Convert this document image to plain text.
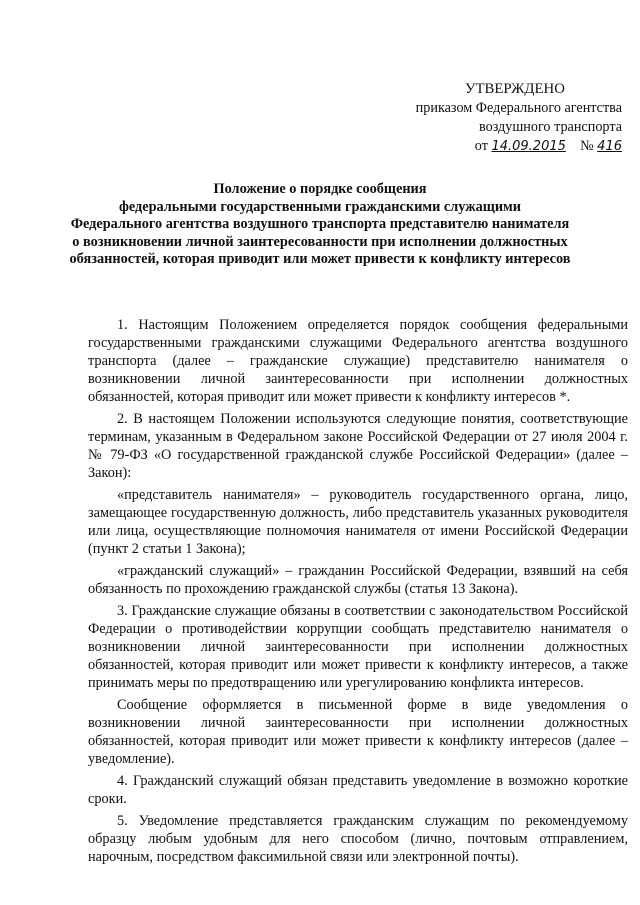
УТВЕРЖДЕНО
приказом Федерального агентства
воздушного транспорта
от 14.09.2015 № 416
Положение о порядке сообщения
федеральными государственными гражданскими служащими
Федерального агентства воздушного транспорта представителю нанимателя
о возникновении личной заинтересованности при исполнении должностных
обязанностей, которая приводит или может привести к конфликту интересов

1. Настоящим Положением определяется порядок сообщения федеральными государственными гражданскими служащими Федерального агентства воздушного транспорта (далее – гражданские служащие) представителю нанимателя о возникновении личной заинтересованности при исполнении должностных обязанностей, которая приводит или может привести к конфликту интересов *.

2. В настоящем Положении используются следующие понятия, соответствующие терминам, указанным в Федеральном законе Российской Федерации от 27 июля 2004 г. № 79-ФЗ «О государственной гражданской службе Российской Федерации» (далее – Закон):

«представитель нанимателя» – руководитель государственного органа, лицо, замещающее государственную должность, либо представитель указанных руководителя или лица, осуществляющие полномочия нанимателя от имени Российской Федерации (пункт 2 статьи 1 Закона);

«гражданский служащий» – гражданин Российской Федерации, взявший на себя обязанность по прохождению гражданской службы (статья 13 Закона).

3. Гражданские служащие обязаны в соответствии с законодательством Российской Федерации о противодействии коррупции сообщать представителю нанимателя о возникновении личной заинтересованности при исполнении должностных обязанностей, которая приводит или может привести к конфликту интересов, а также принимать меры по предотвращению или урегулированию конфликта интересов.

Сообщение оформляется в письменной форме в виде уведомления о возникновении личной заинтересованности при исполнении должностных обязанностей, которая приводит или может привести к конфликту интересов (далее – уведомление).

4. Гражданский служащий обязан представить уведомление в возможно короткие сроки.

5. Уведомление представляется гражданским служащим по рекомендуемому образцу любым удобным для него способом (лично, почтовым отправлением, нарочным, посредством факсимильной связи или электронной почты).
